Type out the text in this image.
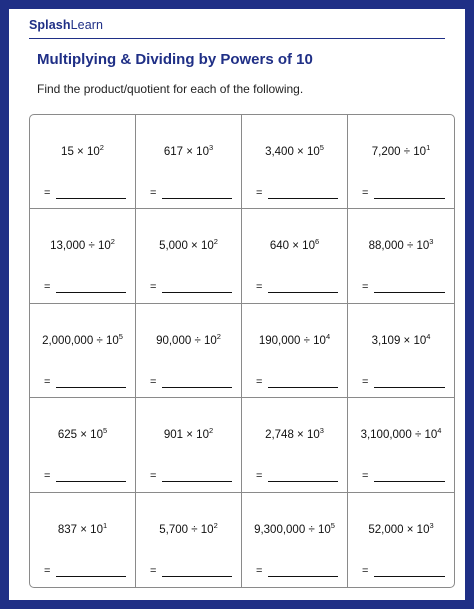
SplashLearn
Multiplying & Dividing by Powers of 10
Find the product/quotient for each of the following.
$15 \times 10^2$
=
$617 \times 10^3$
=
$3,400 \times 10^5$
=
$7,200 \div 10^1$
=
$13,000 \div 10^2$
=
$5,000 \times 10^2$
=
$640 \times 10^6$
=
$88,000 \div 10^3$
=
$2,000,000 \div 10^5$
=
$90,000 \div 10^2$
=
$190,000 \div 10^4$
=
$3,109 \times 10^4$
=
$625 \times 10^5$
=
$901 \times 10^2$
=
$2,748 \times 10^3$
=
$3,100,000 \div 10^4$
=
$837 \times 10^1$
=
$5,700 \div 10^2$
=
$9,300,000 \div 10^5$
=
$52,000 \times 10^3$
=
